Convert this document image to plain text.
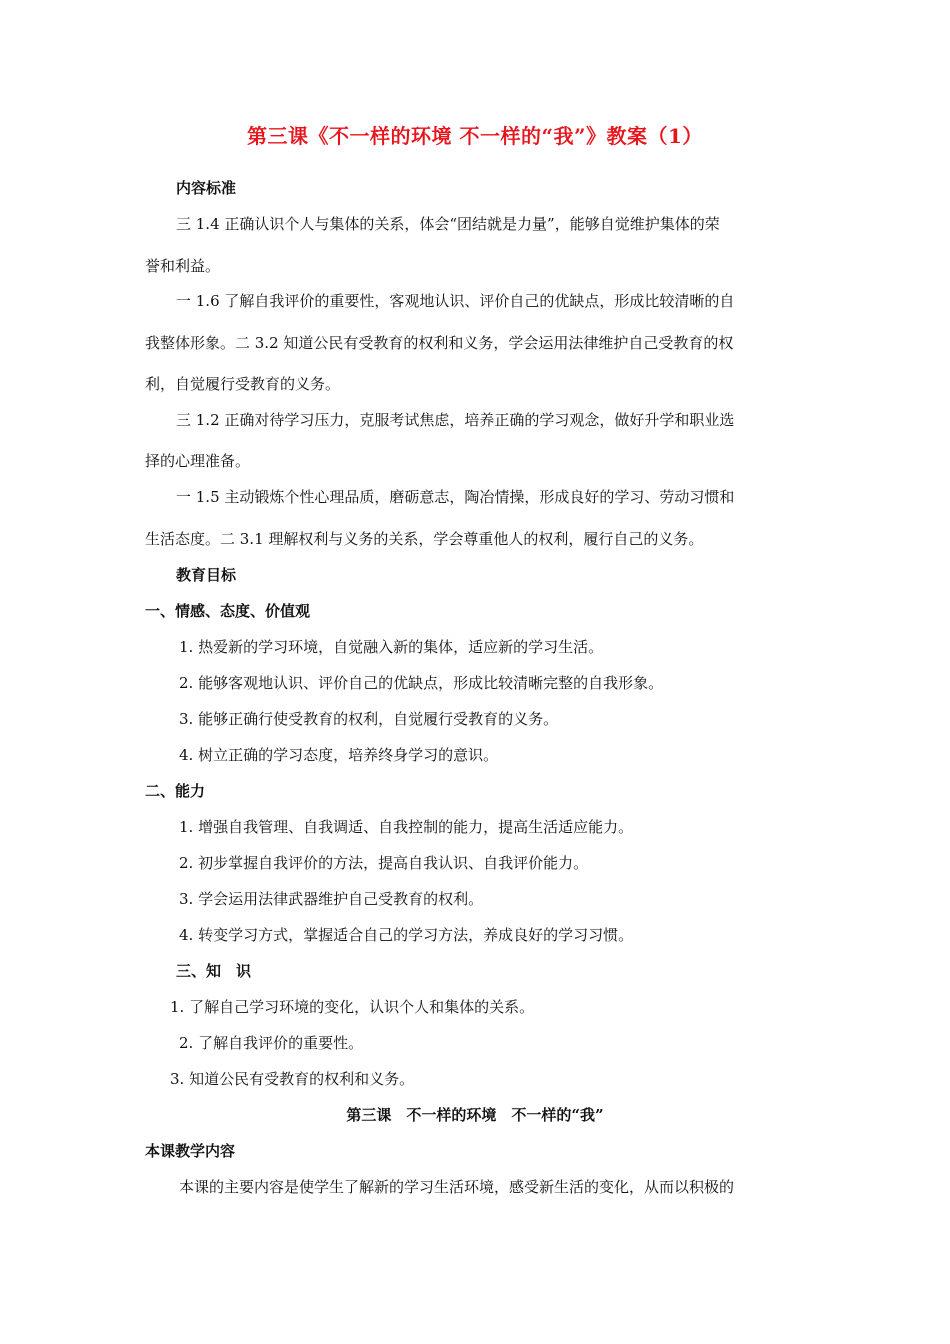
第三课《不一样的环境 不一样的“我”》教案（1）

内容标准

三 1.4 正确认识个人与集体的关系，体会“团结就是力量”，能够自觉维护集体的荣

誉和利益。

一 1.6 了解自我评价的重要性，客观地认识、评价自己的优缺点，形成比较清晰的自

我整体形象。二 3.2 知道公民有受教育的权利和义务，学会运用法律维护自己受教育的权

利，自觉履行受教育的义务。

三 1.2 正确对待学习压力，克服考试焦虑，培养正确的学习观念，做好升学和职业选

择的心理准备。

一 1.5 主动锻炼个性心理品质，磨砺意志，陶冶情操，形成良好的学习、劳动习惯和

生活态度。二 3.1 理解权利与义务的关系，学会尊重他人的权利，履行自己的义务。

教育目标

一、情感、态度、价值观

1. 热爱新的学习环境，自觉融入新的集体，适应新的学习生活。

2. 能够客观地认识、评价自己的优缺点，形成比较清晰完整的自我形象。

3. 能够正确行使受教育的权利，自觉履行受教育的义务。

4. 树立正确的学习态度，培养终身学习的意识。

二、能力

1. 增强自我管理、自我调适、自我控制的能力，提高生活适应能力。

2. 初步掌握自我评价的方法，提高自我认识、自我评价能力。

3. 学会运用法律武器维护自己受教育的权利。

4. 转变学习方式，掌握适合自己的学习方法，养成良好的学习习惯。

三、知　识

1. 了解自己学习环境的变化，认识个人和集体的关系。

2. 了解自我评价的重要性。

3. 知道公民有受教育的权利和义务。

第三课　不一样的环境　不一样的“我”

本课教学内容

本课的主要内容是使学生了解新的学习生活环境，感受新生活的变化，从而以积极的
